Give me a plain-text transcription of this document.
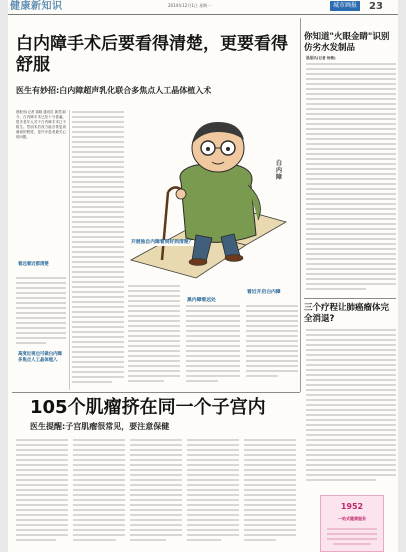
健康新知识	2014年12月1日 星期一	城市画报	23
白内障手术后要看得清楚，更要看得舒服
医生有妙招:白内障超声乳化联合多焦点人工晶体植入术

晨报讯(记者 钱晓 通讯员 龚君)如今，白内障手术已经十分普遍，很多老年人对于白内障手术已不陌生。然而术后视力能否恢复到满意的程度，是许多患者最关心的问题。

看远看近都清楚
高度近视也可做白内障多焦点人工晶体植入
白内障
开展独自内障看到好到清楚？
黑内障看远处
看近开启白内障
你知道"火眼金睛"识别仿劣水发制品
晨报讯(记者 杨敏)
三个疗程让肺癌瘤体完全消退?
105个肌瘤挤在同一个子宫内
医生提醒:子宫肌瘤很常见，要注意保健
1952
一站式健康服务
